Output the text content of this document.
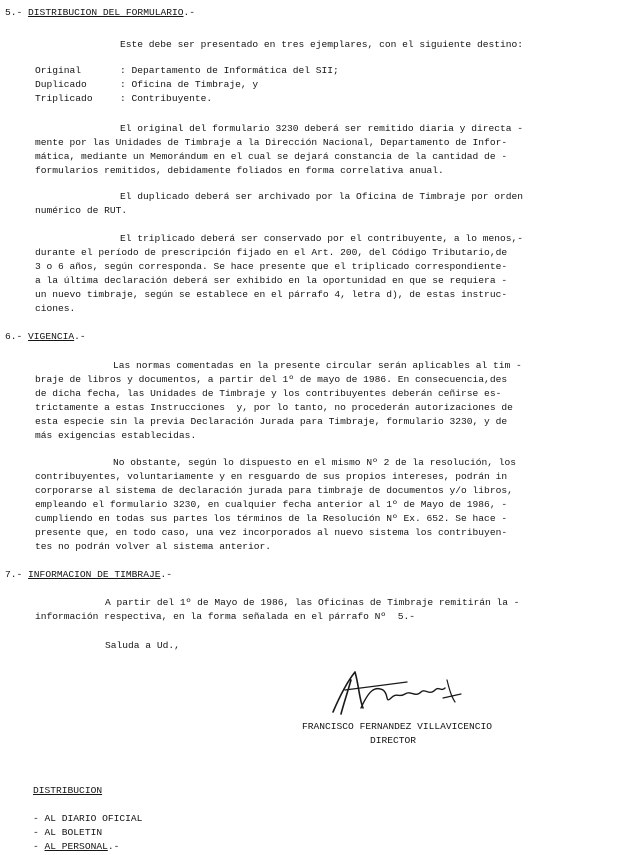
5.- DISTRIBUCION DEL FORMULARIO.-
Este debe ser presentado en tres ejemplares, con el siguiente destino:
Original	: Departamento de Informática del SII;
Duplicado	: Oficina de Timbraje, y
Triplicado	: Contribuyente.
El original del formulario 3230 deberá ser remitido diaria y directa -
mente por las Unidades de Timbraje a la Dirección Nacional, Departamento de Infor-
mática, mediante un Memorándum en el cual se dejará constancia de la cantidad de -
formularios remitidos, debidamente foliados en forma correlativa anual.
El duplicado deberá ser archivado por la Oficina de Timbraje por orden
numérico de RUT.
El triplicado deberá ser conservado por el contribuyente, a lo menos,-
durante el período de prescripción fijado en el Art. 200, del Código Tributario,de
3 o 6 años, según corresponda. Se hace presente que el triplicado correspondiente-
a la última declaración deberá ser exhibido en la oportunidad en que se requiera -
un nuevo timbraje, según se establece en el párrafo 4, letra d), de estas instruc-
ciones.
6.- VIGENCIA.-
Las normas comentadas en la presente circular serán aplicables al tim -
braje de libros y documentos, a partir del 1º de mayo de 1986. En consecuencia,des
de dicha fecha, las Unidades de Timbraje y los contribuyentes deberán ceñirse es-
trictamente a estas Instrucciones  y, por lo tanto, no procederán autorizaciones de
esta especie sin la previa Declaración Jurada para Timbraje, formulario 3230, y de
más exigencias establecidas.
No obstante, según lo dispuesto en el mismo Nº 2 de la resolución, los
contribuyentes, voluntariamente y en resguardo de sus propios intereses, podrán in
corporarse al sistema de declaración jurada para timbraje de documentos y/o libros,
empleando el formulario 3230, en cualquier fecha anterior al 1º de Mayo de 1986, -
cumpliendo en todas sus partes los términos de la Resolución Nº Ex. 652. Se hace -
presente que, en todo caso, una vez incorporados al nuevo sistema los contribuyen-
tes no podrán volver al sistema anterior.
7.- INFORMACION DE TIMBRAJE.-
A partir del 1º de Mayo de 1986, las Oficinas de Timbraje remitirán la -
información respectiva, en la forma señalada en el párrafo Nº  5.-
Saluda a Ud.,
FRANCISCO FERNANDEZ VILLAVICENCIO
DIRECTOR
DISTRIBUCION
- AL DIARIO OFICIAL
- AL BOLETIN
- AL PERSONAL.-
